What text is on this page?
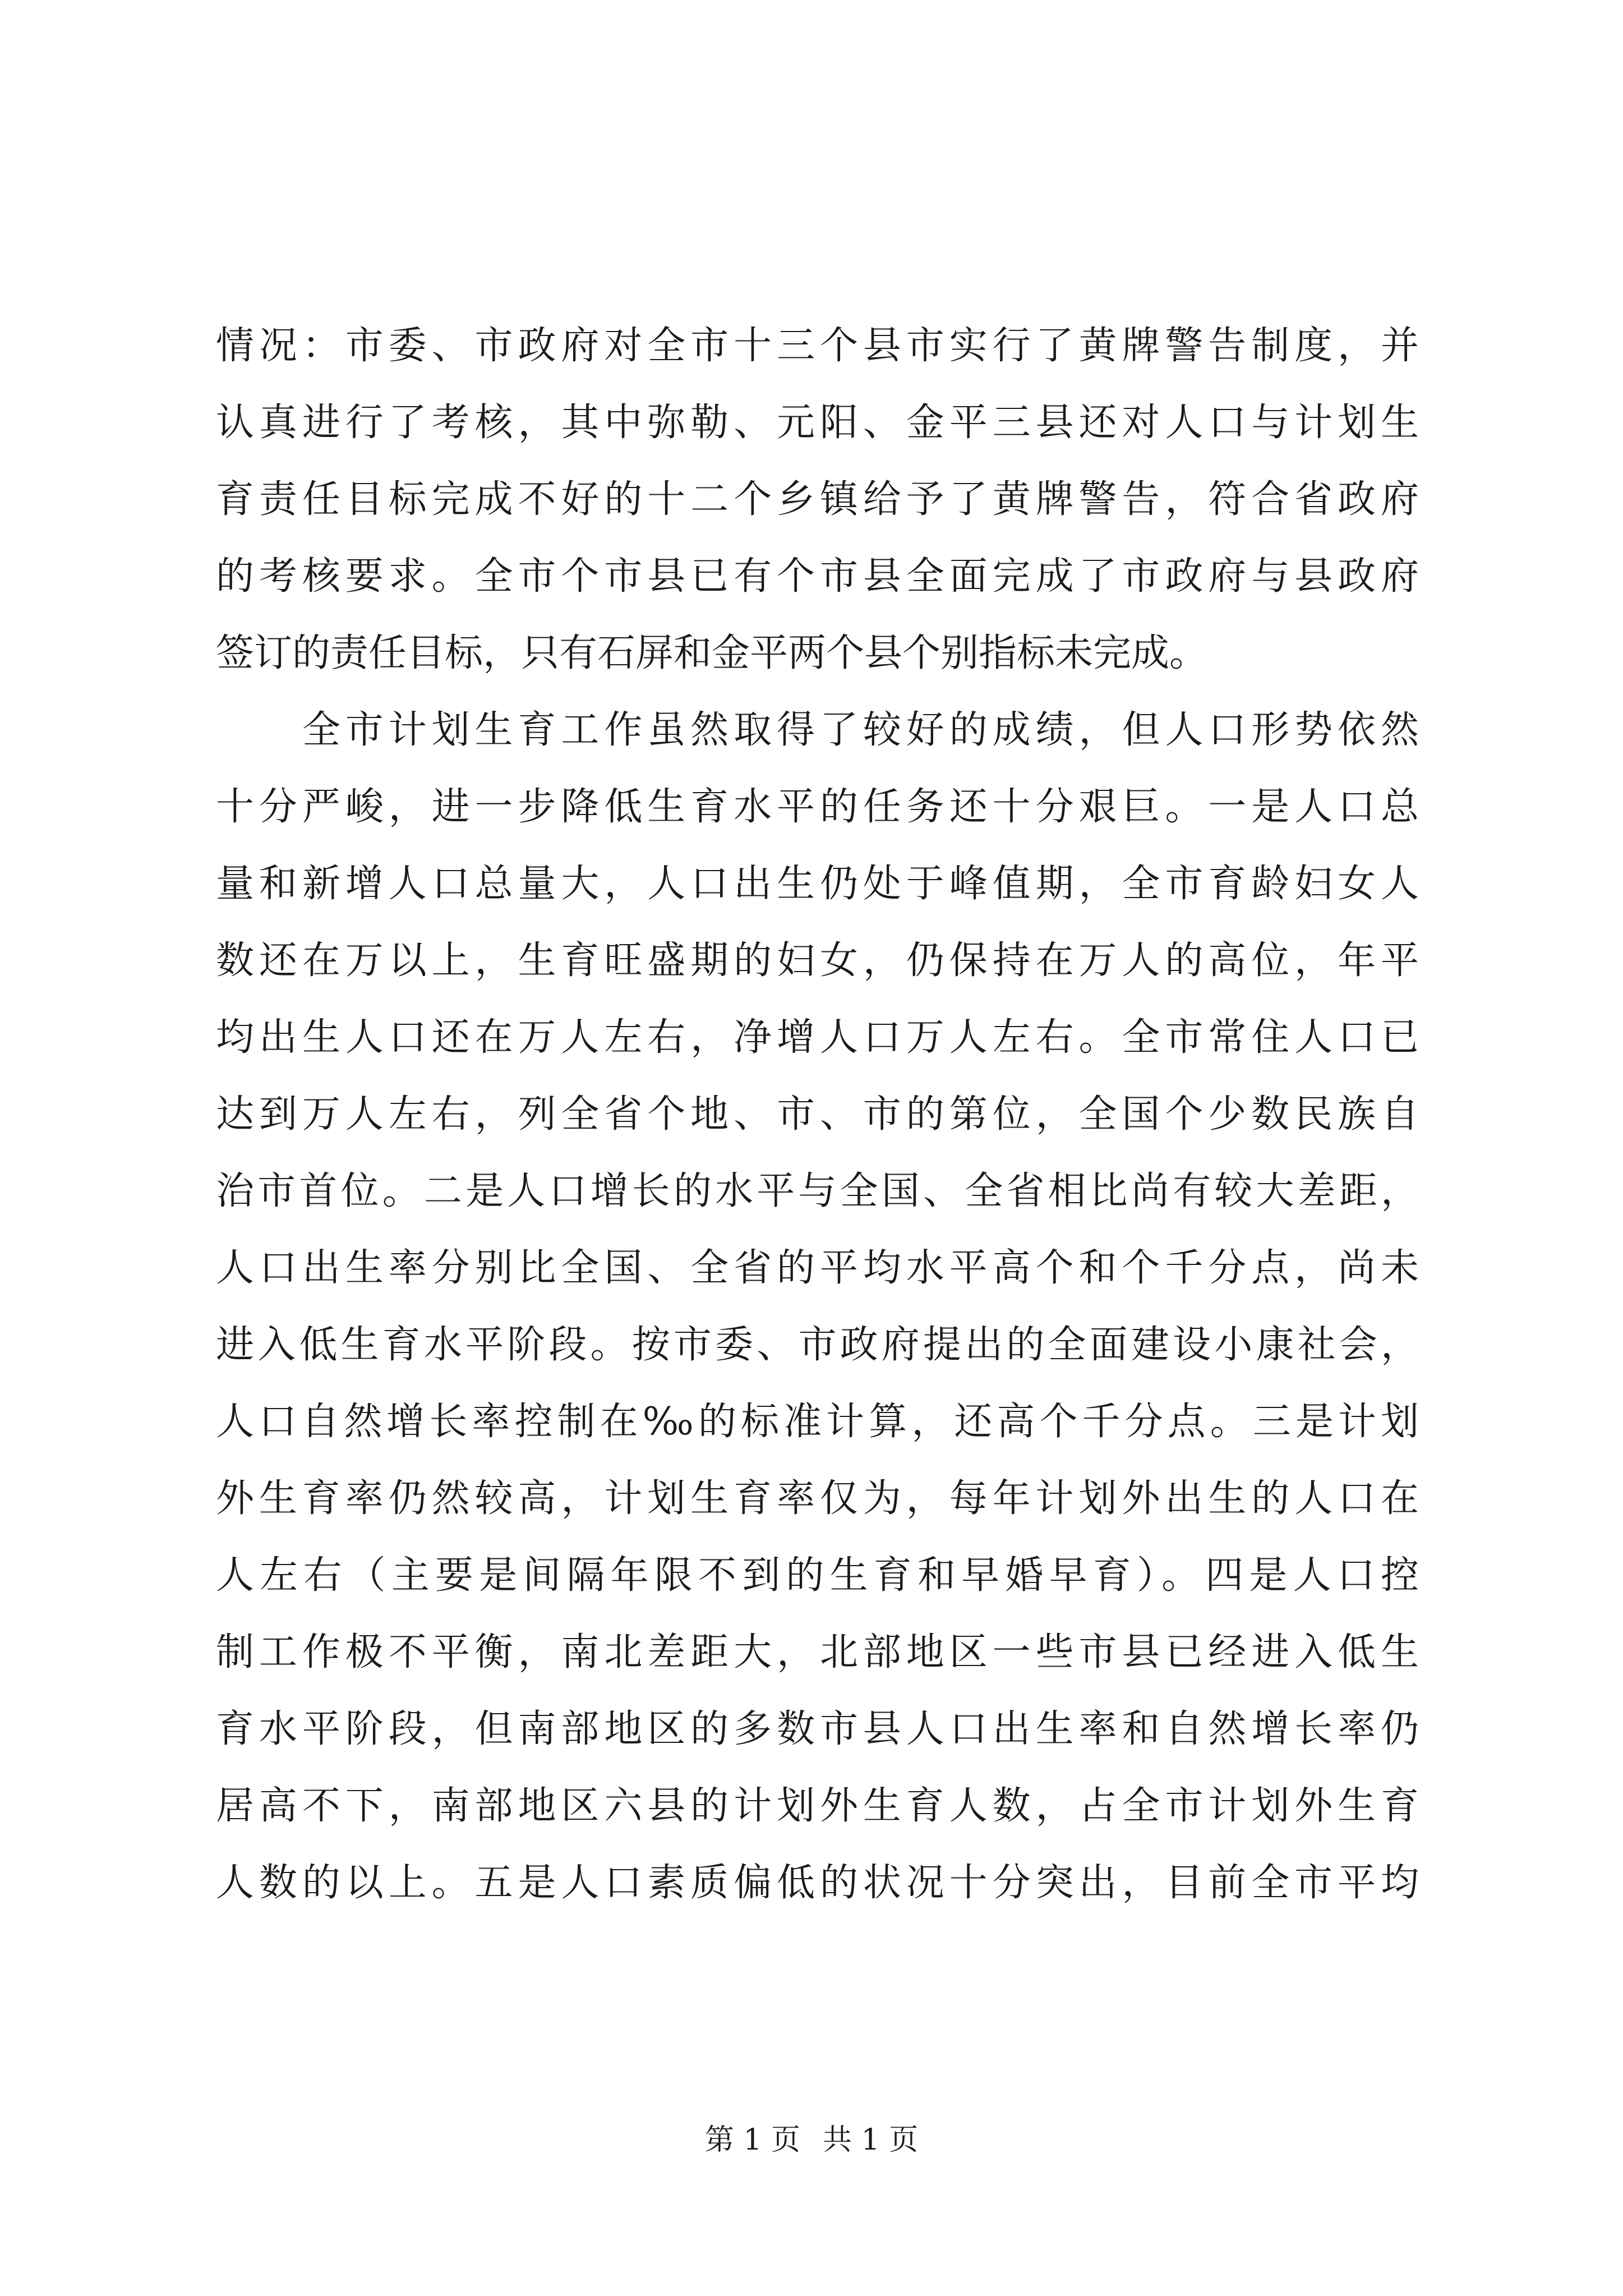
情况：市委、市政府对全市十三个县市实行了黄牌警告制度，并
认真进行了考核，其中弥勒、元阳、金平三县还对人口与计划生
育责任目标完成不好的十二个乡镇给予了黄牌警告，符合省政府
的考核要求。全市个市县已有个市县全面完成了市政府与县政府
签订的责任目标，只有石屏和金平两个县个别指标未完成。
　　全市计划生育工作虽然取得了较好的成绩，但人口形势依然
十分严峻，进一步降低生育水平的任务还十分艰巨。一是人口总
量和新增人口总量大，人口出生仍处于峰值期，全市育龄妇女人
数还在万以上，生育旺盛期的妇女，仍保持在万人的高位，年平
均出生人口还在万人左右，净增人口万人左右。全市常住人口已
达到万人左右，列全省个地、市、市的第位，全国个少数民族自
治市首位。二是人口增长的水平与全国、全省相比尚有较大差距，
人口出生率分别比全国、全省的平均水平高个和个千分点，尚未
进入低生育水平阶段。按市委、市政府提出的全面建设小康社会，
人口自然增长率控制在‰的标准计算，还高个千分点。三是计划
外生育率仍然较高，计划生育率仅为，每年计划外出生的人口在
人左右（主要是间隔年限不到的生育和早婚早育）。四是人口控
制工作极不平衡，南北差距大，北部地区一些市县已经进入低生
育水平阶段，但南部地区的多数市县人口出生率和自然增长率仍
居高不下，南部地区六县的计划外生育人数，占全市计划外生育
人数的以上。五是人口素质偏低的状况十分突出，目前全市平均
第 1 页 共 1 页
